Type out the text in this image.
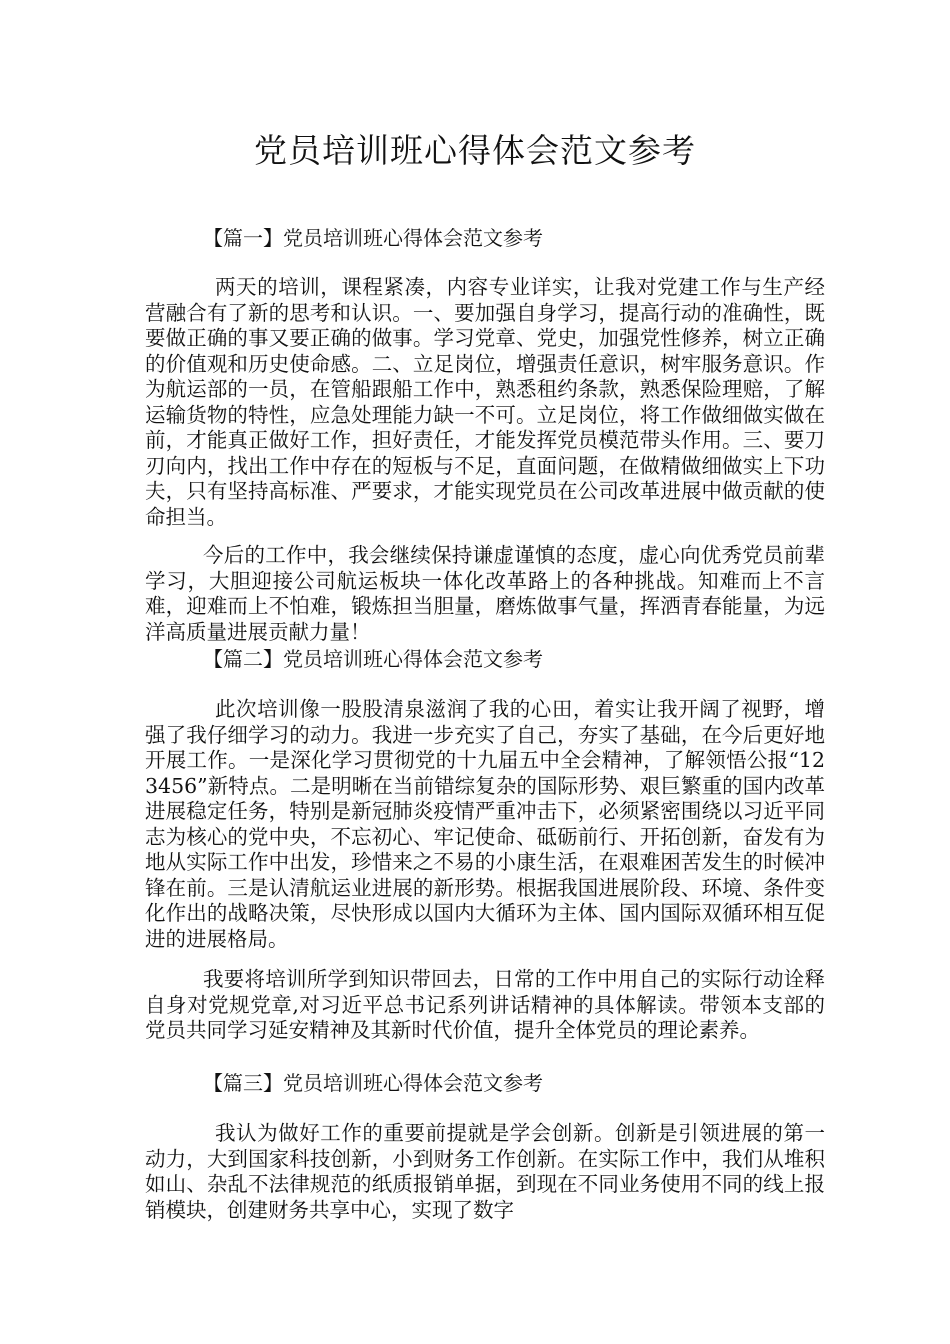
党员培训班心得体会范文参考
【篇一】党员培训班心得体会范文参考
两天的培训，课程紧凑，内容专业详实，让我对党建工作与生产经营融合有了新的思考和认识。一、要加强自身学习，提高行动的准确性，既要做正确的事又要正确的做事。学习党章、党史，加强党性修养，树立正确的价值观和历史使命感。二、立足岗位，增强责任意识，树牢服务意识。作为航运部的一员，在管船跟船工作中，熟悉租约条款，熟悉保险理赔，了解运输货物的特性，应急处理能力缺一不可。立足岗位，将工作做细做实做在前，才能真正做好工作，担好责任，才能发挥党员模范带头作用。三、要刀刃向内，找出工作中存在的短板与不足，直面问题，在做精做细做实上下功夫，只有坚持高标准、严要求，才能实现党员在公司改革进展中做贡献的使命担当。
今后的工作中，我会继续保持谦虚谨慎的态度，虚心向优秀党员前辈学习，大胆迎接公司航运板块一体化改革路上的各种挑战。知难而上不言难，迎难而上不怕难，锻炼担当胆量，磨炼做事气量，挥洒青春能量，为远洋高质量进展贡献力量！
【篇二】党员培训班心得体会范文参考
此次培训像一股股清泉滋润了我的心田，着实让我开阔了视野，增强了我仔细学习的动力。我进一步充实了自己，夯实了基础，在今后更好地开展工作。一是深化学习贯彻党的十九届五中全会精神，了解领悟公报“123456”新特点。二是明晰在当前错综复杂的国际形势、艰巨繁重的国内改革进展稳定任务，特别是新冠肺炎疫情严重冲击下，必须紧密围绕以习近平同志为核心的党中央，不忘初心、牢记使命、砥砺前行、开拓创新，奋发有为地从实际工作中出发，珍惜来之不易的小康生活，在艰难困苦发生的时候冲锋在前。三是认清航运业进展的新形势。根据我国进展阶段、环境、条件变化作出的战略决策，尽快形成以国内大循环为主体、国内国际双循环相互促进的进展格局。
我要将培训所学到知识带回去，日常的工作中用自己的实际行动诠释自身对党规党章,对习近平总书记系列讲话精神的具体解读。带领本支部的党员共同学习延安精神及其新时代价值，提升全体党员的理论素养。
【篇三】党员培训班心得体会范文参考
我认为做好工作的重要前提就是学会创新。创新是引领进展的第一动力，大到国家科技创新，小到财务工作创新。在实际工作中，我们从堆积如山、杂乱不法律规范的纸质报销单据，到现在不同业务使用不同的线上报销模块，创建财务共享中心，实现了数字
